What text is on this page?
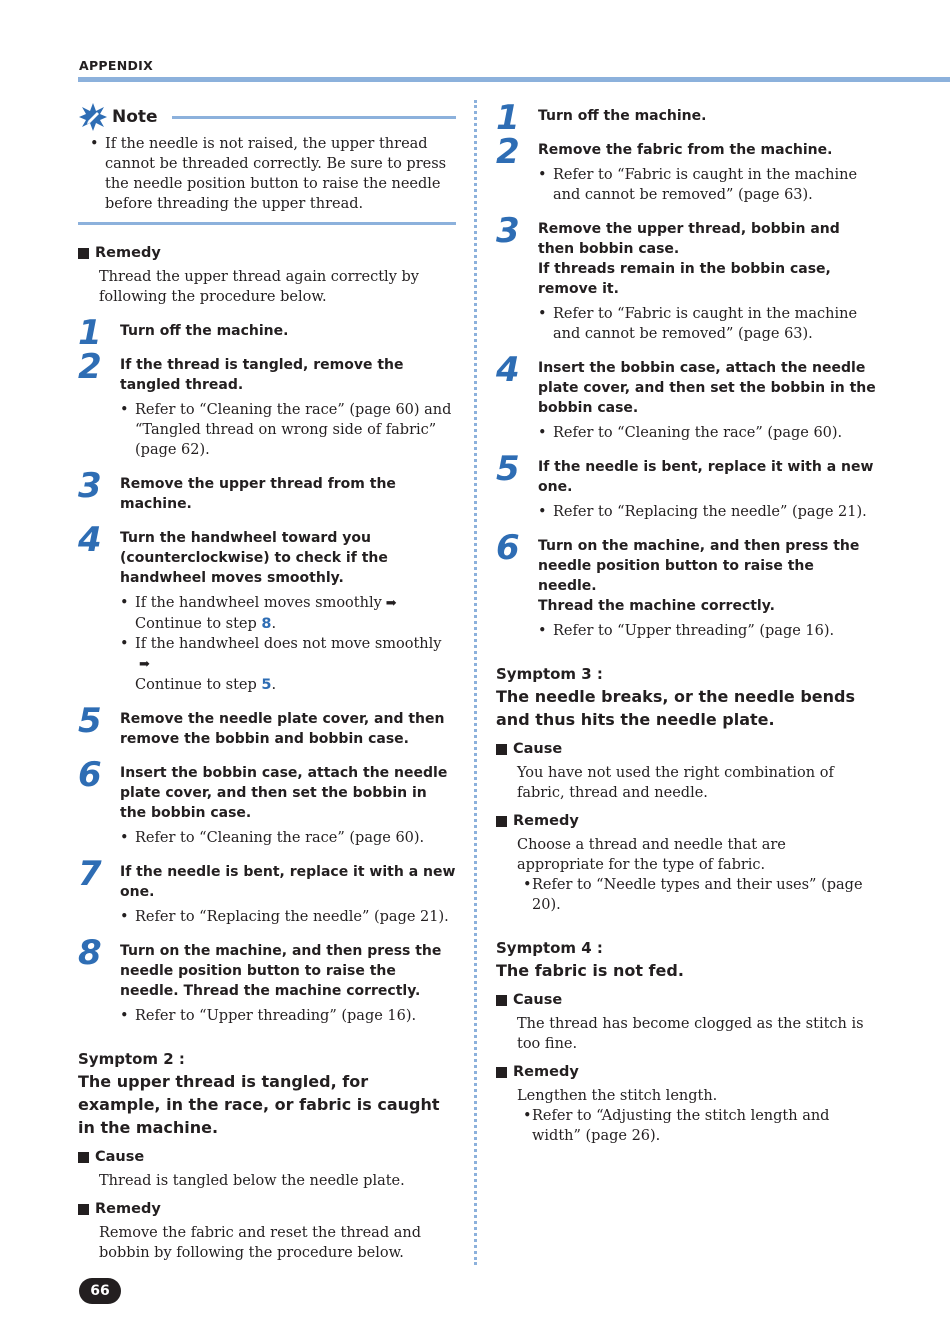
APPENDIX
Note
• If the needle is not raised, the upper thread cannot be threaded correctly. Be sure to press the needle position button to raise the needle before threading the upper thread.
Remedy
Thread the upper thread again correctly by following the procedure below.
1 Turn off the machine.
2 If the thread is tangled, remove the tangled thread.
• Refer to “Cleaning the race” (page 60) and “Tangled thread on wrong side of fabric” (page 62).
3 Remove the upper thread from the machine.
4 Turn the handwheel toward you (counterclockwise) to check if the handwheel moves smoothly.
• If the handwheel moves smoothly ➡
Continue to step 8.
• If the handwheel does not move smoothly➡
Continue to step 5.
5 Remove the needle plate cover, and then remove the bobbin and bobbin case.
6 Insert the bobbin case, attach the needle plate cover, and then set the bobbin in the bobbin case.
• Refer to “Cleaning the race” (page 60).
7 If the needle is bent, replace it with a new one.
• Refer to “Replacing the needle” (page 21).
8 Turn on the machine, and then press the needle position button to raise the needle. Thread the machine correctly.
• Refer to “Upper threading” (page 16).
Symptom 2 :
The upper thread is tangled, for example, in the race, or fabric is caught in the machine.
Cause
Thread is tangled below the needle plate.
Remedy
Remove the fabric and reset the thread and bobbin by following the procedure below.
1 Turn off the machine.
2 Remove the fabric from the machine.
• Refer to “Fabric is caught in the machine and cannot be removed” (page 63).
3 Remove the upper thread, bobbin and then bobbin case.
If threads remain in the bobbin case, remove it.
• Refer to “Fabric is caught in the machine and cannot be removed” (page 63).
4 Insert the bobbin case, attach the needle plate cover, and then set the bobbin in the bobbin case.
• Refer to “Cleaning the race” (page 60).
5 If the needle is bent, replace it with a new one.
• Refer to “Replacing the needle” (page 21).
6 Turn on the machine, and then press the needle position button to raise the needle.
Thread the machine correctly.
• Refer to “Upper threading” (page 16).
Symptom 3 :
The needle breaks, or the needle bends and thus hits the needle plate.
Cause
You have not used the right combination of fabric, thread and needle.
Remedy
Choose a thread and needle that are appropriate for the type of fabric.
• Refer to “Needle types and their uses” (page 20).
Symptom 4 :
The fabric is not fed.
Cause
The thread has become clogged as the stitch is too fine.
Remedy
Lengthen the stitch length.
• Refer to “Adjusting the stitch length and width” (page 26).
66
